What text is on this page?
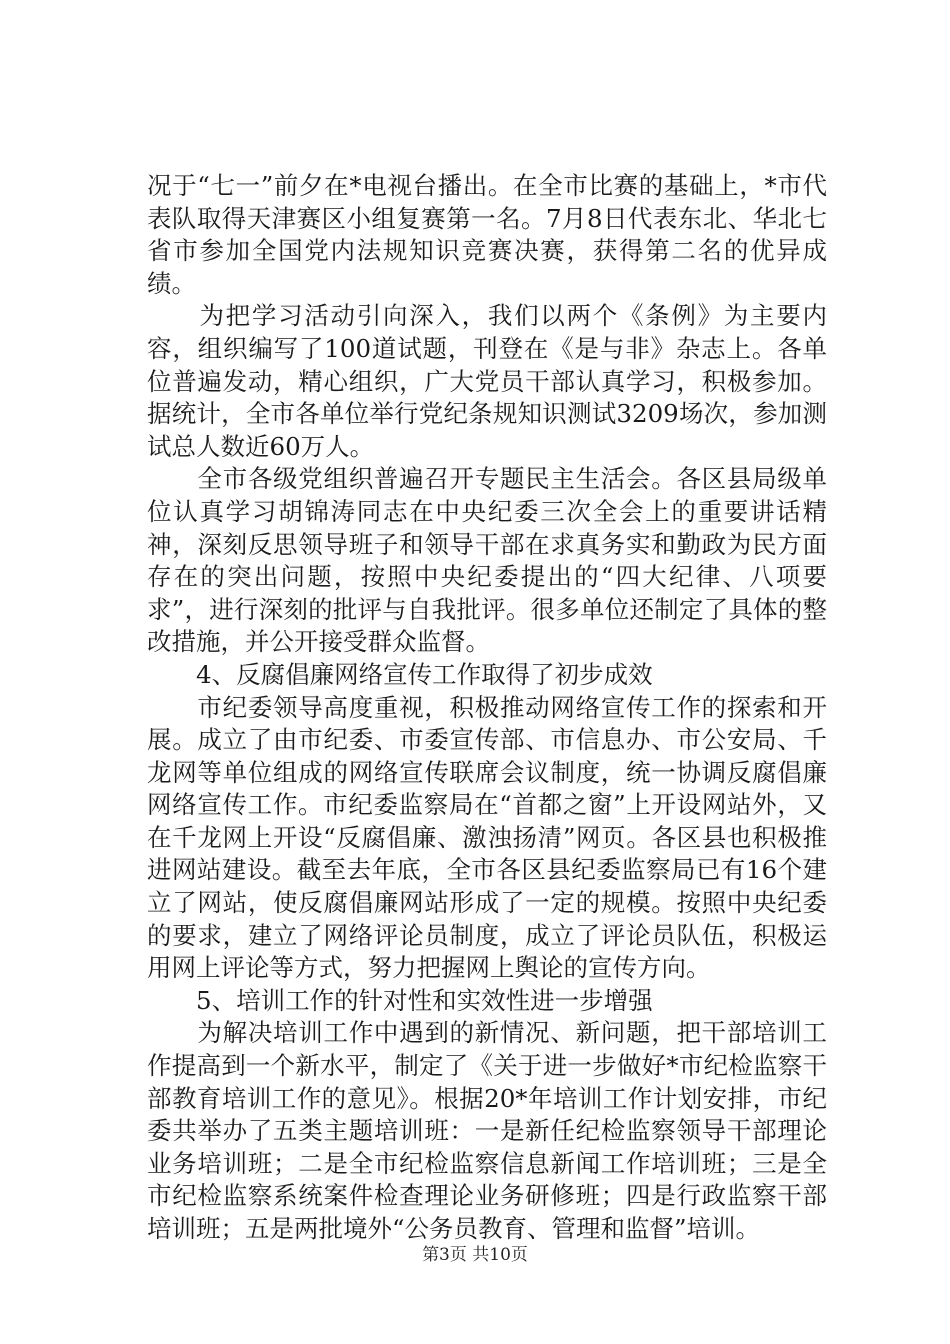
况于“七一”前夕在*电视台播出。在全市比赛的基础上，*市代表队取得天津赛区小组复赛第一名。7月8日代表东北、华北七省市参加全国党内法规知识竞赛决赛，获得第二名的优异成绩。

　　为把学习活动引向深入，我们以两个《条例》为主要内容，组织编写了100道试题，刊登在《是与非》杂志上。各单位普遍发动，精心组织，广大党员干部认真学习，积极参加。据统计，全市各单位举行党纪条规知识测试3209场次，参加测试总人数近60万人。

　　全市各级党组织普遍召开专题民主生活会。各区县局级单位认真学习胡锦涛同志在中央纪委三次全会上的重要讲话精神，深刻反思领导班子和领导干部在求真务实和勤政为民方面存在的突出问题，按照中央纪委提出的“四大纪律、八项要求”，进行深刻的批评与自我批评。很多单位还制定了具体的整改措施，并公开接受群众监督。

　　4、反腐倡廉网络宣传工作取得了初步成效

　　市纪委领导高度重视，积极推动网络宣传工作的探索和开展。成立了由市纪委、市委宣传部、市信息办、市公安局、千龙网等单位组成的网络宣传联席会议制度，统一协调反腐倡廉网络宣传工作。市纪委监察局在“首都之窗”上开设网站外，又在千龙网上开设“反腐倡廉、激浊扬清”网页。各区县也积极推进网站建设。截至去年底，全市各区县纪委监察局已有16个建立了网站，使反腐倡廉网站形成了一定的规模。按照中央纪委的要求，建立了网络评论员制度，成立了评论员队伍，积极运用网上评论等方式，努力把握网上舆论的宣传方向。

　　5、培训工作的针对性和实效性进一步增强

　　为解决培训工作中遇到的新情况、新问题，把干部培训工作提高到一个新水平，制定了《关于进一步做好*市纪检监察干部教育培训工作的意见》。根据20*年培训工作计划安排，市纪委共举办了五类主题培训班：一是新任纪检监察领导干部理论业务培训班；二是全市纪检监察信息新闻工作培训班；三是全市纪检监察系统案件检查理论业务研修班；四是行政监察干部培训班；五是两批境外“公务员教育、管理和监督”培训。

第3页 共10页
